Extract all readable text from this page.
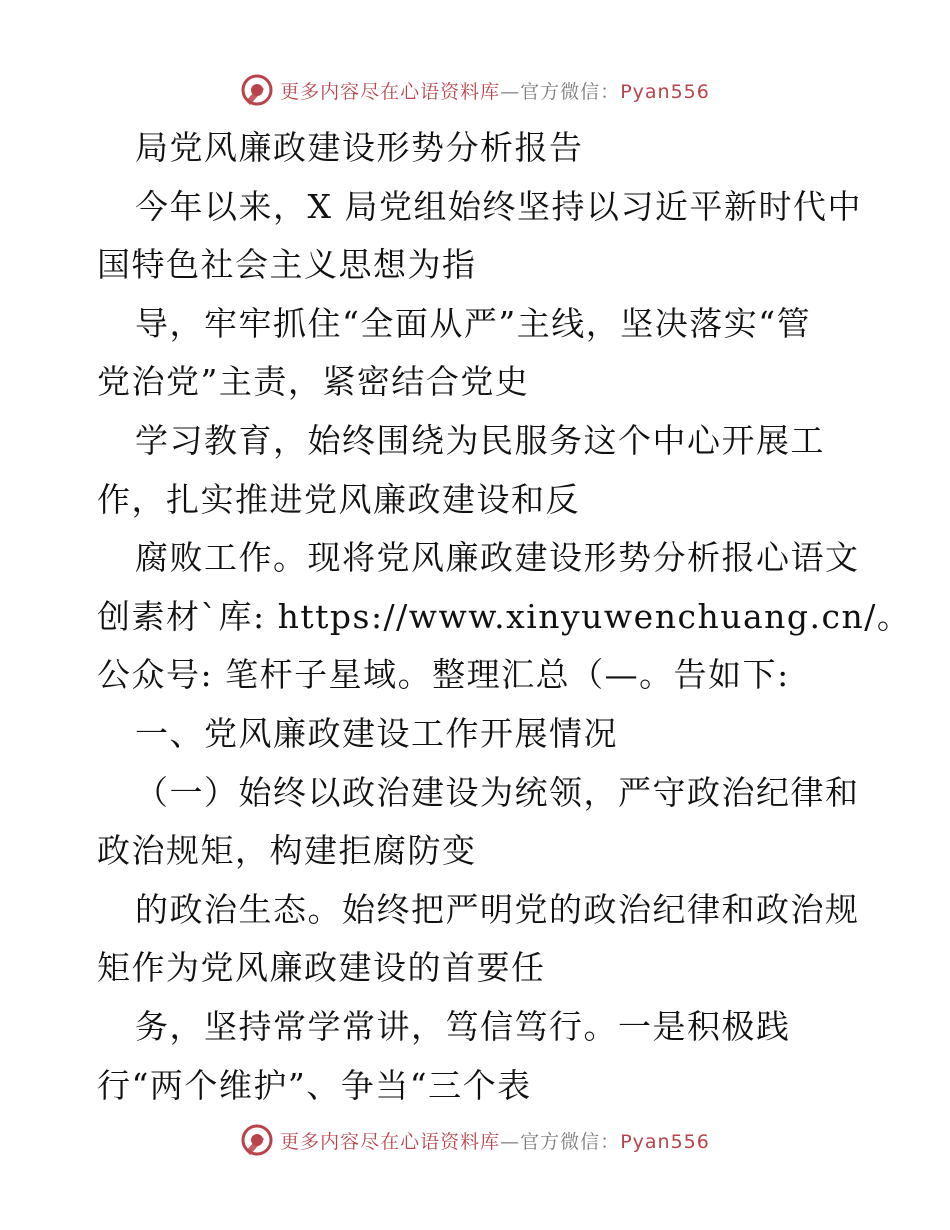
更多内容尽在心语资料库—官方微信：Pyan556
局党风廉政建设形势分析报告
今年以来，X 局党组始终坚持以习近平新时代中
国特色社会主义思想为指
导，牢牢抓住“全面从严”主线，坚决落实“管
党治党”主责，紧密结合党史
学习教育，始终围绕为民服务这个中心开展工
作，扎实推进党风廉政建设和反
腐败工作。现将党风廉政建设形势分析报心语文
创素材`库: https://www.xinyuwenchuang.cn/。
公众号: 笔杆子星域。整理汇总（—。告如下:
一、党风廉政建设工作开展情况
（一）始终以政治建设为统领，严守政治纪律和
政治规矩，构建拒腐防变
的政治生态。始终把严明党的政治纪律和政治规
矩作为党风廉政建设的首要任
务，坚持常学常讲，笃信笃行。一是积极践
行“两个维护”、争当“三个表
更多内容尽在心语资料库—官方微信：Pyan556
